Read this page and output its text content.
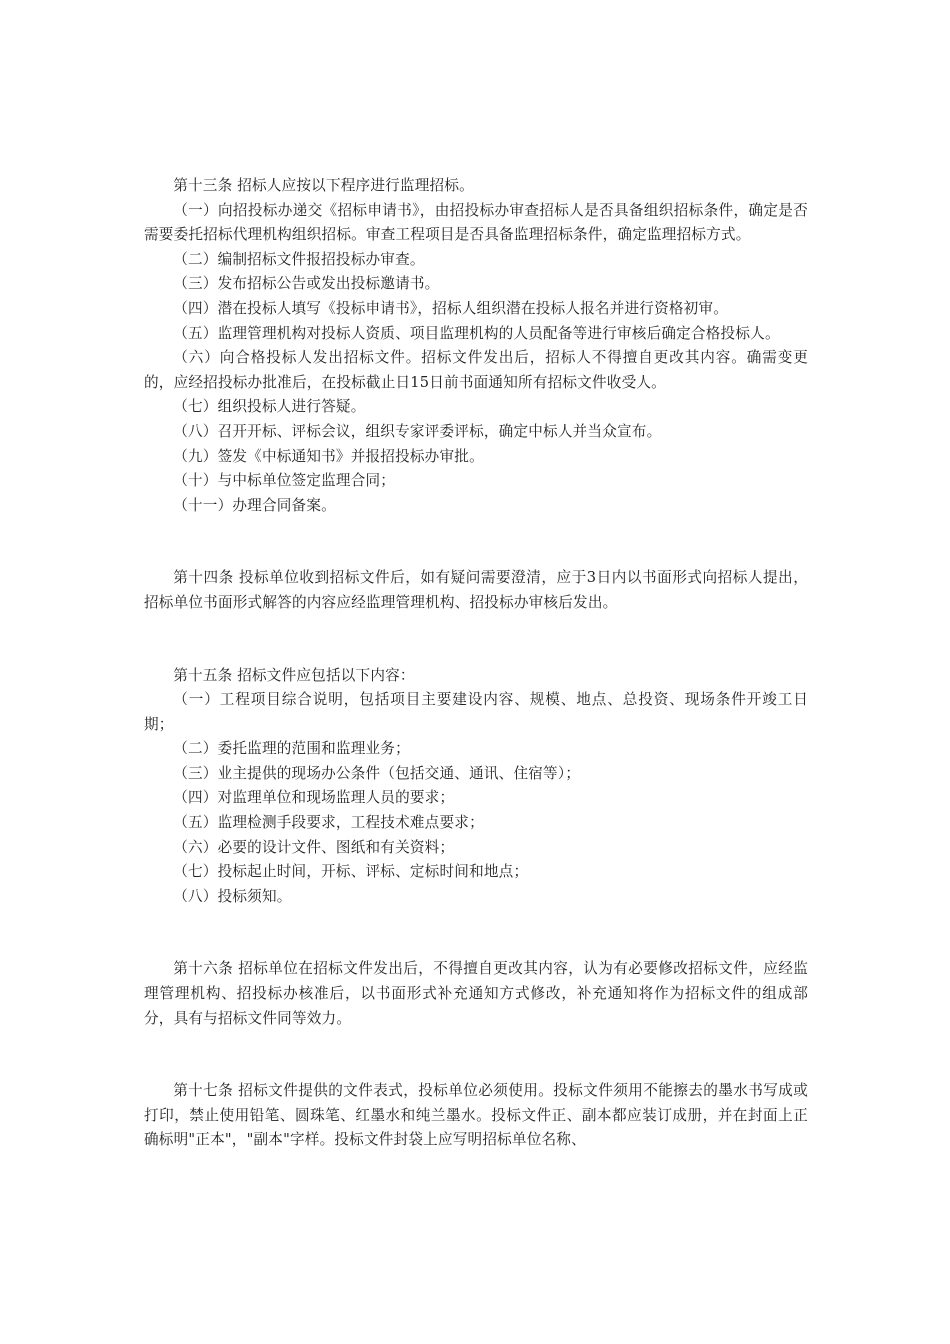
第十三条 招标人应按以下程序进行监理招标。

（一）向招投标办递交《招标申请书》，由招投标办审查招标人是否具备组织招标条件，确定是否需要委托招标代理机构组织招标。审查工程项目是否具备监理招标条件，确定监理招标方式。

（二）编制招标文件报招投标办审查。

（三）发布招标公告或发出投标邀请书。

（四）潜在投标人填写《投标申请书》，招标人组织潜在投标人报名并进行资格初审。

（五）监理管理机构对投标人资质、项目监理机构的人员配备等进行审核后确定合格投标人。

（六）向合格投标人发出招标文件。招标文件发出后，招标人不得擅自更改其内容。确需变更的，应经招投标办批准后，在投标截止日15日前书面通知所有招标文件收受人。

（七）组织投标人进行答疑。

（八）召开开标、评标会议，组织专家评委评标，确定中标人并当众宣布。

（九）签发《中标通知书》并报招投标办审批。

（十）与中标单位签定监理合同；

（十一）办理合同备案。

第十四条 投标单位收到招标文件后，如有疑问需要澄清，应于3日内以书面形式向招标人提出，招标单位书面形式解答的内容应经监理管理机构、招投标办审核后发出。

第十五条 招标文件应包括以下内容：

（一）工程项目综合说明，包括项目主要建设内容、规模、地点、总投资、现场条件开竣工日期；

（二）委托监理的范围和监理业务；

（三）业主提供的现场办公条件（包括交通、通讯、住宿等）；

（四）对监理单位和现场监理人员的要求；

（五）监理检测手段要求，工程技术难点要求；

（六）必要的设计文件、图纸和有关资料；

（七）投标起止时间，开标、评标、定标时间和地点；

（八）投标须知。

第十六条 招标单位在招标文件发出后，不得擅自更改其内容，认为有必要修改招标文件，应经监理管理机构、招投标办核准后，以书面形式补充通知方式修改，补充通知将作为招标文件的组成部分，具有与招标文件同等效力。

第十七条 招标文件提供的文件表式，投标单位必须使用。投标文件须用不能擦去的墨水书写成或打印，禁止使用铅笔、圆珠笔、红墨水和纯兰墨水。投标文件正、副本都应装订成册，并在封面上正确标明"正本"，"副本"字样。投标文件封袋上应写明招标单位名称、
